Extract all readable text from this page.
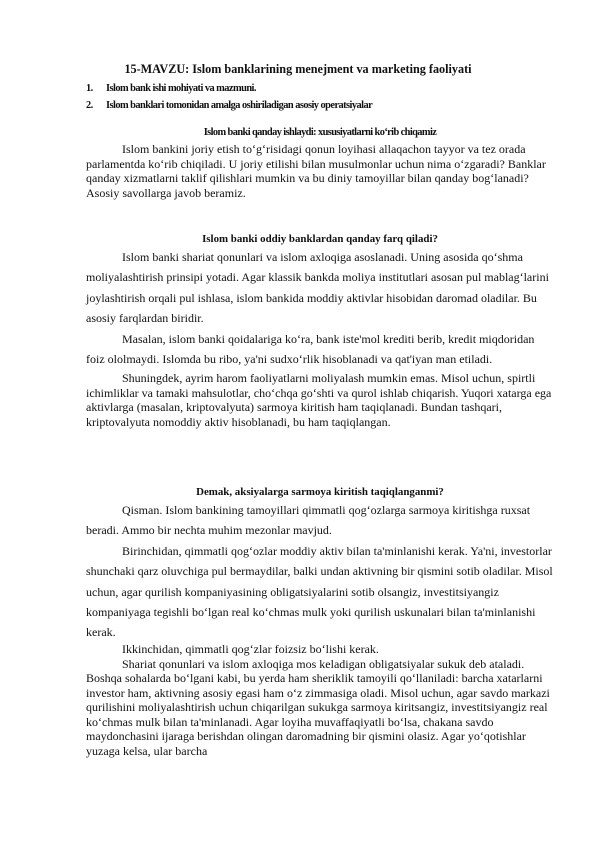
15-MAVZU: Islom banklarining menejment va marketing faoliyati
1. Islom bank ishi mohiyati va mazmuni.
2. Islom banklari tomonidan amalga oshiriladigan asosiy operatsiyalar
Islom banki qanday ishlaydi: xususiyatlarni ko‘rib chiqamiz

Islom bankini joriy etish to‘g‘risidagi qonun loyihasi allaqachon tayyor va tez orada parlamentda ko‘rib chiqiladi. U joriy etilishi bilan musulmonlar uchun nima o‘zgaradi? Banklar qanday xizmatlarni taklif qilishlari mumkin va bu diniy tamoyillar bilan qanday bog‘lanadi? Asosiy savollarga javob beramiz.

Islom banki oddiy banklardan qanday farq qiladi?

Islom banki shariat qonunlari va islom axloqiga asoslanadi. Uning asosida qo‘shma moliyalashtirish prinsipi yotadi. Agar klassik bankda moliya institutlari asosan pul mablag‘larini joylashtirish orqali pul ishlasa, islom bankida moddiy aktivlar hisobidan daromad oladilar. Bu asosiy farqlardan biridir.

Masalan, islom banki qoidalariga ko‘ra, bank iste'mol krediti berib, kredit miqdoridan foiz ololmaydi. Islomda bu ribo, ya'ni sudxo‘rlik hisoblanadi va qat'iyan man etiladi.

Shuningdek, ayrim harom faoliyatlarni moliyalash mumkin emas. Misol uchun, spirtli ichimliklar va tamaki mahsulotlar, cho‘chqa go‘shti va qurol ishlab chiqarish. Yuqori xatarga ega aktivlarga (masalan, kriptovalyuta) sarmoya kiritish ham taqiqlanadi. Bundan tashqari, kriptovalyuta nomoddiy aktiv hisoblanadi, bu ham taqiqlangan.

Demak, aksiyalarga sarmoya kiritish taqiqlanganmi?

Qisman. Islom bankining tamoyillari qimmatli qog‘ozlarga sarmoya kiritishga ruxsat beradi. Ammo bir nechta muhim mezonlar mavjud.

Birinchidan, qimmatli qog‘ozlar moddiy aktiv bilan ta'minlanishi kerak. Ya'ni, investorlar shunchaki qarz oluvchiga pul bermaydilar, balki undan aktivning bir qismini sotib oladilar. Misol uchun, agar qurilish kompaniyasining obligatsiyalarini sotib olsangiz, investitsiyangiz kompaniyaga tegishli bo‘lgan real ko‘chmas mulk yoki qurilish uskunalari bilan ta'minlanishi kerak.

Ikkinchidan, qimmatli qog‘zlar foizsiz bo‘lishi kerak.

Shariat qonunlari va islom axloqiga mos keladigan obligatsiyalar sukuk deb ataladi. Boshqa sohalarda bo‘lgani kabi, bu yerda ham sheriklik tamoyili qo‘llaniladi: barcha xatarlarni investor ham, aktivning asosiy egasi ham o‘z zimmasiga oladi. Misol uchun, agar savdo markazi qurilishini moliyalashtirish uchun chiqarilgan sukukga sarmoya kiritsangiz, investitsiyangiz real ko‘chmas mulk bilan ta'minlanadi. Agar loyiha muvaffaqiyatli bo‘lsa, chakana savdo maydonchasini ijaraga berishdan olingan daromadning bir qismini olasiz. Agar yo‘qotishlar yuzaga kelsa, ular barcha
